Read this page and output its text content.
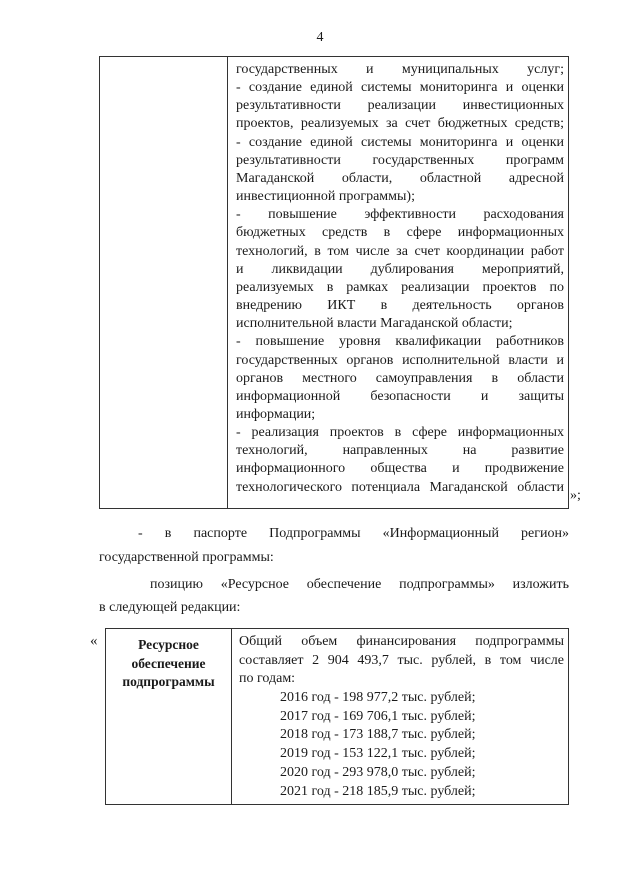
4
государственных и муниципальных услуг;
- создание единой системы мониторинга и оценки
результативности реализации инвестиционных
проектов, реализуемых за счет бюджетных средств;
- создание единой системы мониторинга и оценки
результативности государственных программ
Магаданской области, областной адресной
инвестиционной программы);
- повышение эффективности расходования
бюджетных средств в сфере информационных
технологий, в том числе за счет координации работ
и ликвидации дублирования мероприятий,
реализуемых в рамках реализации проектов по
внедрению ИКТ в деятельность органов
исполнительной власти Магаданской области;
- повышение уровня квалификации работников
государственных органов исполнительной власти и
органов местного самоуправления в области
информационной безопасности и защиты
информации;
- реализация проектов в сфере информационных
технологий, направленных на развитие
информационного общества и продвижение
технологического потенциала Магаданской области
»;
- в паспорте Подпрограммы «Информационный регион»
государственной программы:
позицию «Ресурсное обеспечение подпрограммы» изложить
в следующей редакции:
«	Ресурсное
обеспечение
подпрограммы
Общий объем финансирования подпрограммы
составляет 2 904 493,7 тыс. рублей, в том числе
по годам:
2016 год - 198 977,2 тыс. рублей;
2017 год - 169 706,1 тыс. рублей;
2018 год - 173 188,7 тыс. рублей;
2019 год - 153 122,1 тыс. рублей;
2020 год - 293 978,0 тыс. рублей;
2021 год - 218 185,9 тыс. рублей;
